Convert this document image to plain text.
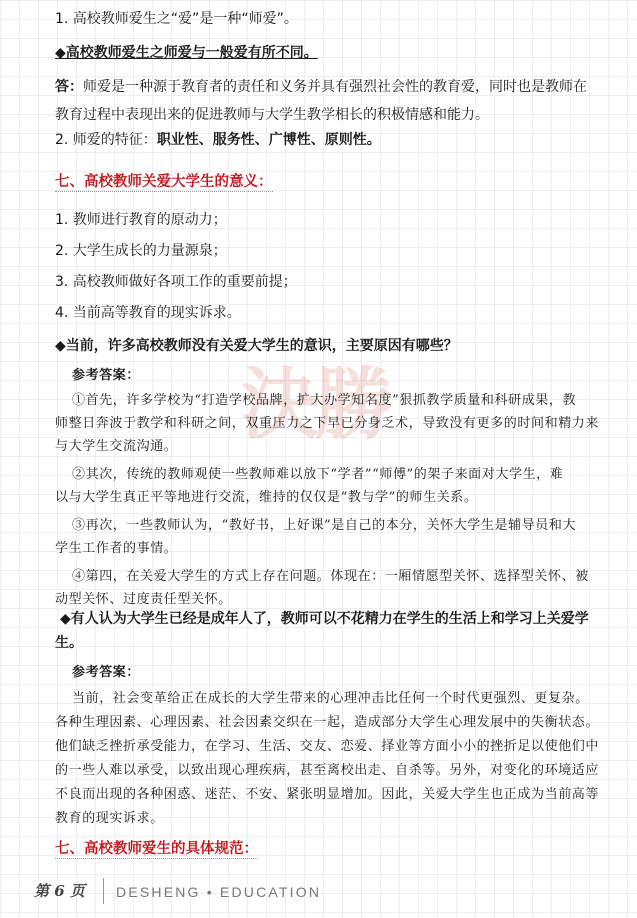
決勝
1. 高校教师爱生之“爱”是一种“师爱”。
◆高校教师爱生之师爱与一般爱有所不同。
答：师爱是一种源于教育者的责任和义务并具有强烈社会性的教育爱，同时也是教师在
教育过程中表现出来的促进教师与大学生教学相长的积极情感和能力。
2. 师爱的特征：职业性、服务性、广博性、原则性。
七、高校教师关爱大学生的意义：
1. 教师进行教育的原动力；
2. 大学生成长的力量源泉；
3. 高校教师做好各项工作的重要前提；
4. 当前高等教育的现实诉求。
◆当前，许多高校教师没有关爱大学生的意识，主要原因有哪些？
参考答案：
①首先，许多学校为“打造学校品牌，扩大办学知名度”狠抓教学质量和科研成果，教
师整日奔波于教学和科研之间，双重压力之下早已分身乏术，导致没有更多的时间和精力来
与大学生交流沟通。
②其次，传统的教师观使一些教师难以放下“学者”“师傅”的架子来面对大学生，难
以与大学生真正平等地进行交流，维持的仅仅是“教与学”的师生关系。
③再次，一些教师认为，“教好书，上好课”是自己的本分，关怀大学生是辅导员和大
学生工作者的事情。
④第四，在关爱大学生的方式上存在问题。体现在：一厢情愿型关怀、选择型关怀、被
动型关怀、过度责任型关怀。
◆有人认为大学生已经是成年人了，教师可以不花精力在学生的生活上和学习上关爱学
生。
参考答案：
当前，社会变革给正在成长的大学生带来的心理冲击比任何一个时代更强烈、更复杂。
各种生理因素、心理因素、社会因素交织在一起，造成部分大学生心理发展中的失衡状态。
他们缺乏挫折承受能力，在学习、生活、交友、恋爱、择业等方面小小的挫折足以使他们中
的一些人难以承受，以致出现心理疾病，甚至离校出走、自杀等。另外，对变化的环境适应
不良而出现的各种困惑、迷茫、不安、紧张明显增加。因此，关爱大学生也正成为当前高等
教育的现实诉求。
七、高校教师爱生的具体规范：
第 6 页 DESHENG • EDUCATION
